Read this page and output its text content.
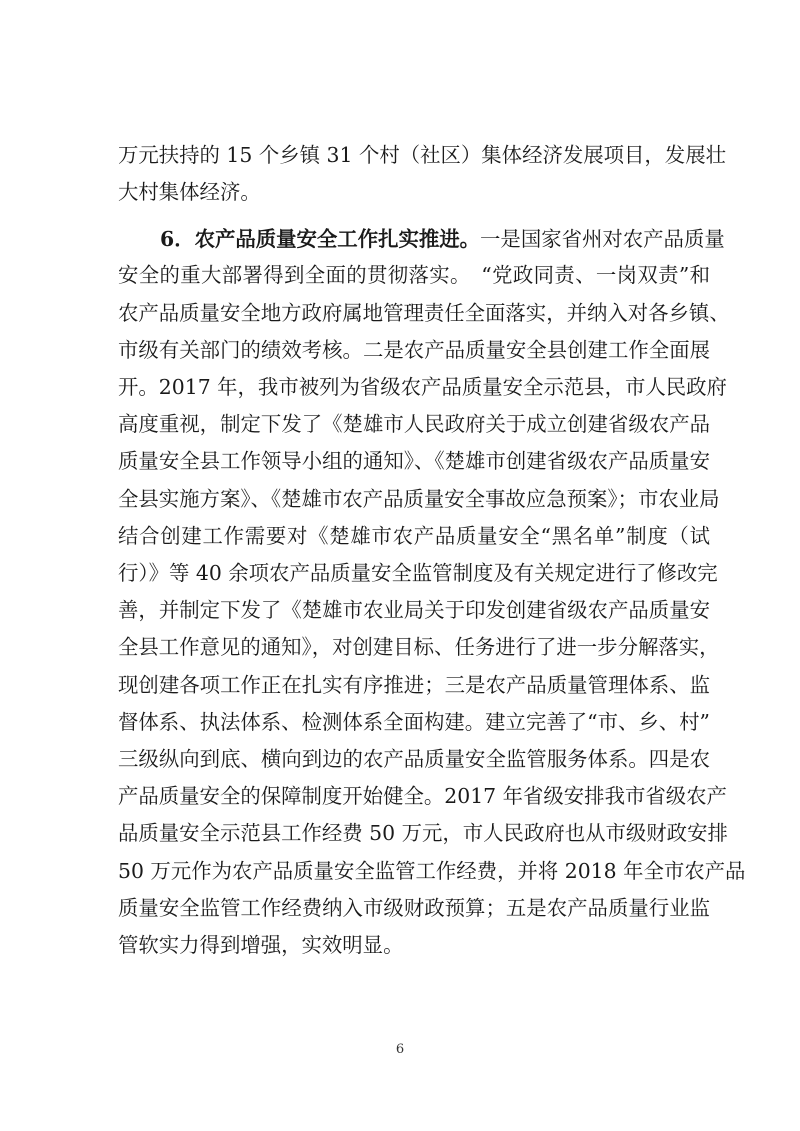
万元扶持的 15 个乡镇 31 个村（社区）集体经济发展项目，发展壮
大村集体经济。
6．农产品质量安全工作扎实推进。一是国家省州对农产品质量
安全的重大部署得到全面的贯彻落实。　“党政同责、一岗双责”和
农产品质量安全地方政府属地管理责任全面落实，并纳入对各乡镇、
市级有关部门的绩效考核。二是农产品质量安全县创建工作全面展
开。2017 年，我市被列为省级农产品质量安全示范县，市人民政府
高度重视，制定下发了《楚雄市人民政府关于成立创建省级农产品
质量安全县工作领导小组的通知》、《楚雄市创建省级农产品质量安
全县实施方案》、《楚雄市农产品质量安全事故应急预案》；市农业局
结合创建工作需要对《楚雄市农产品质量安全“黑名单”制度（试
行）》等 40 余项农产品质量安全监管制度及有关规定进行了修改完
善，并制定下发了《楚雄市农业局关于印发创建省级农产品质量安
全县工作意见的通知》，对创建目标、任务进行了进一步分解落实，
现创建各项工作正在扎实有序推进；三是农产品质量管理体系、监
督体系、执法体系、检测体系全面构建。建立完善了“市、乡、村”
三级纵向到底、横向到边的农产品质量安全监管服务体系。四是农
产品质量安全的保障制度开始健全。2017 年省级安排我市省级农产
品质量安全示范县工作经费 50 万元，市人民政府也从市级财政安排
50 万元作为农产品质量安全监管工作经费，并将 2018 年全市农产品
质量安全监管工作经费纳入市级财政预算；五是农产品质量行业监
管软实力得到增强，实效明显。
6
